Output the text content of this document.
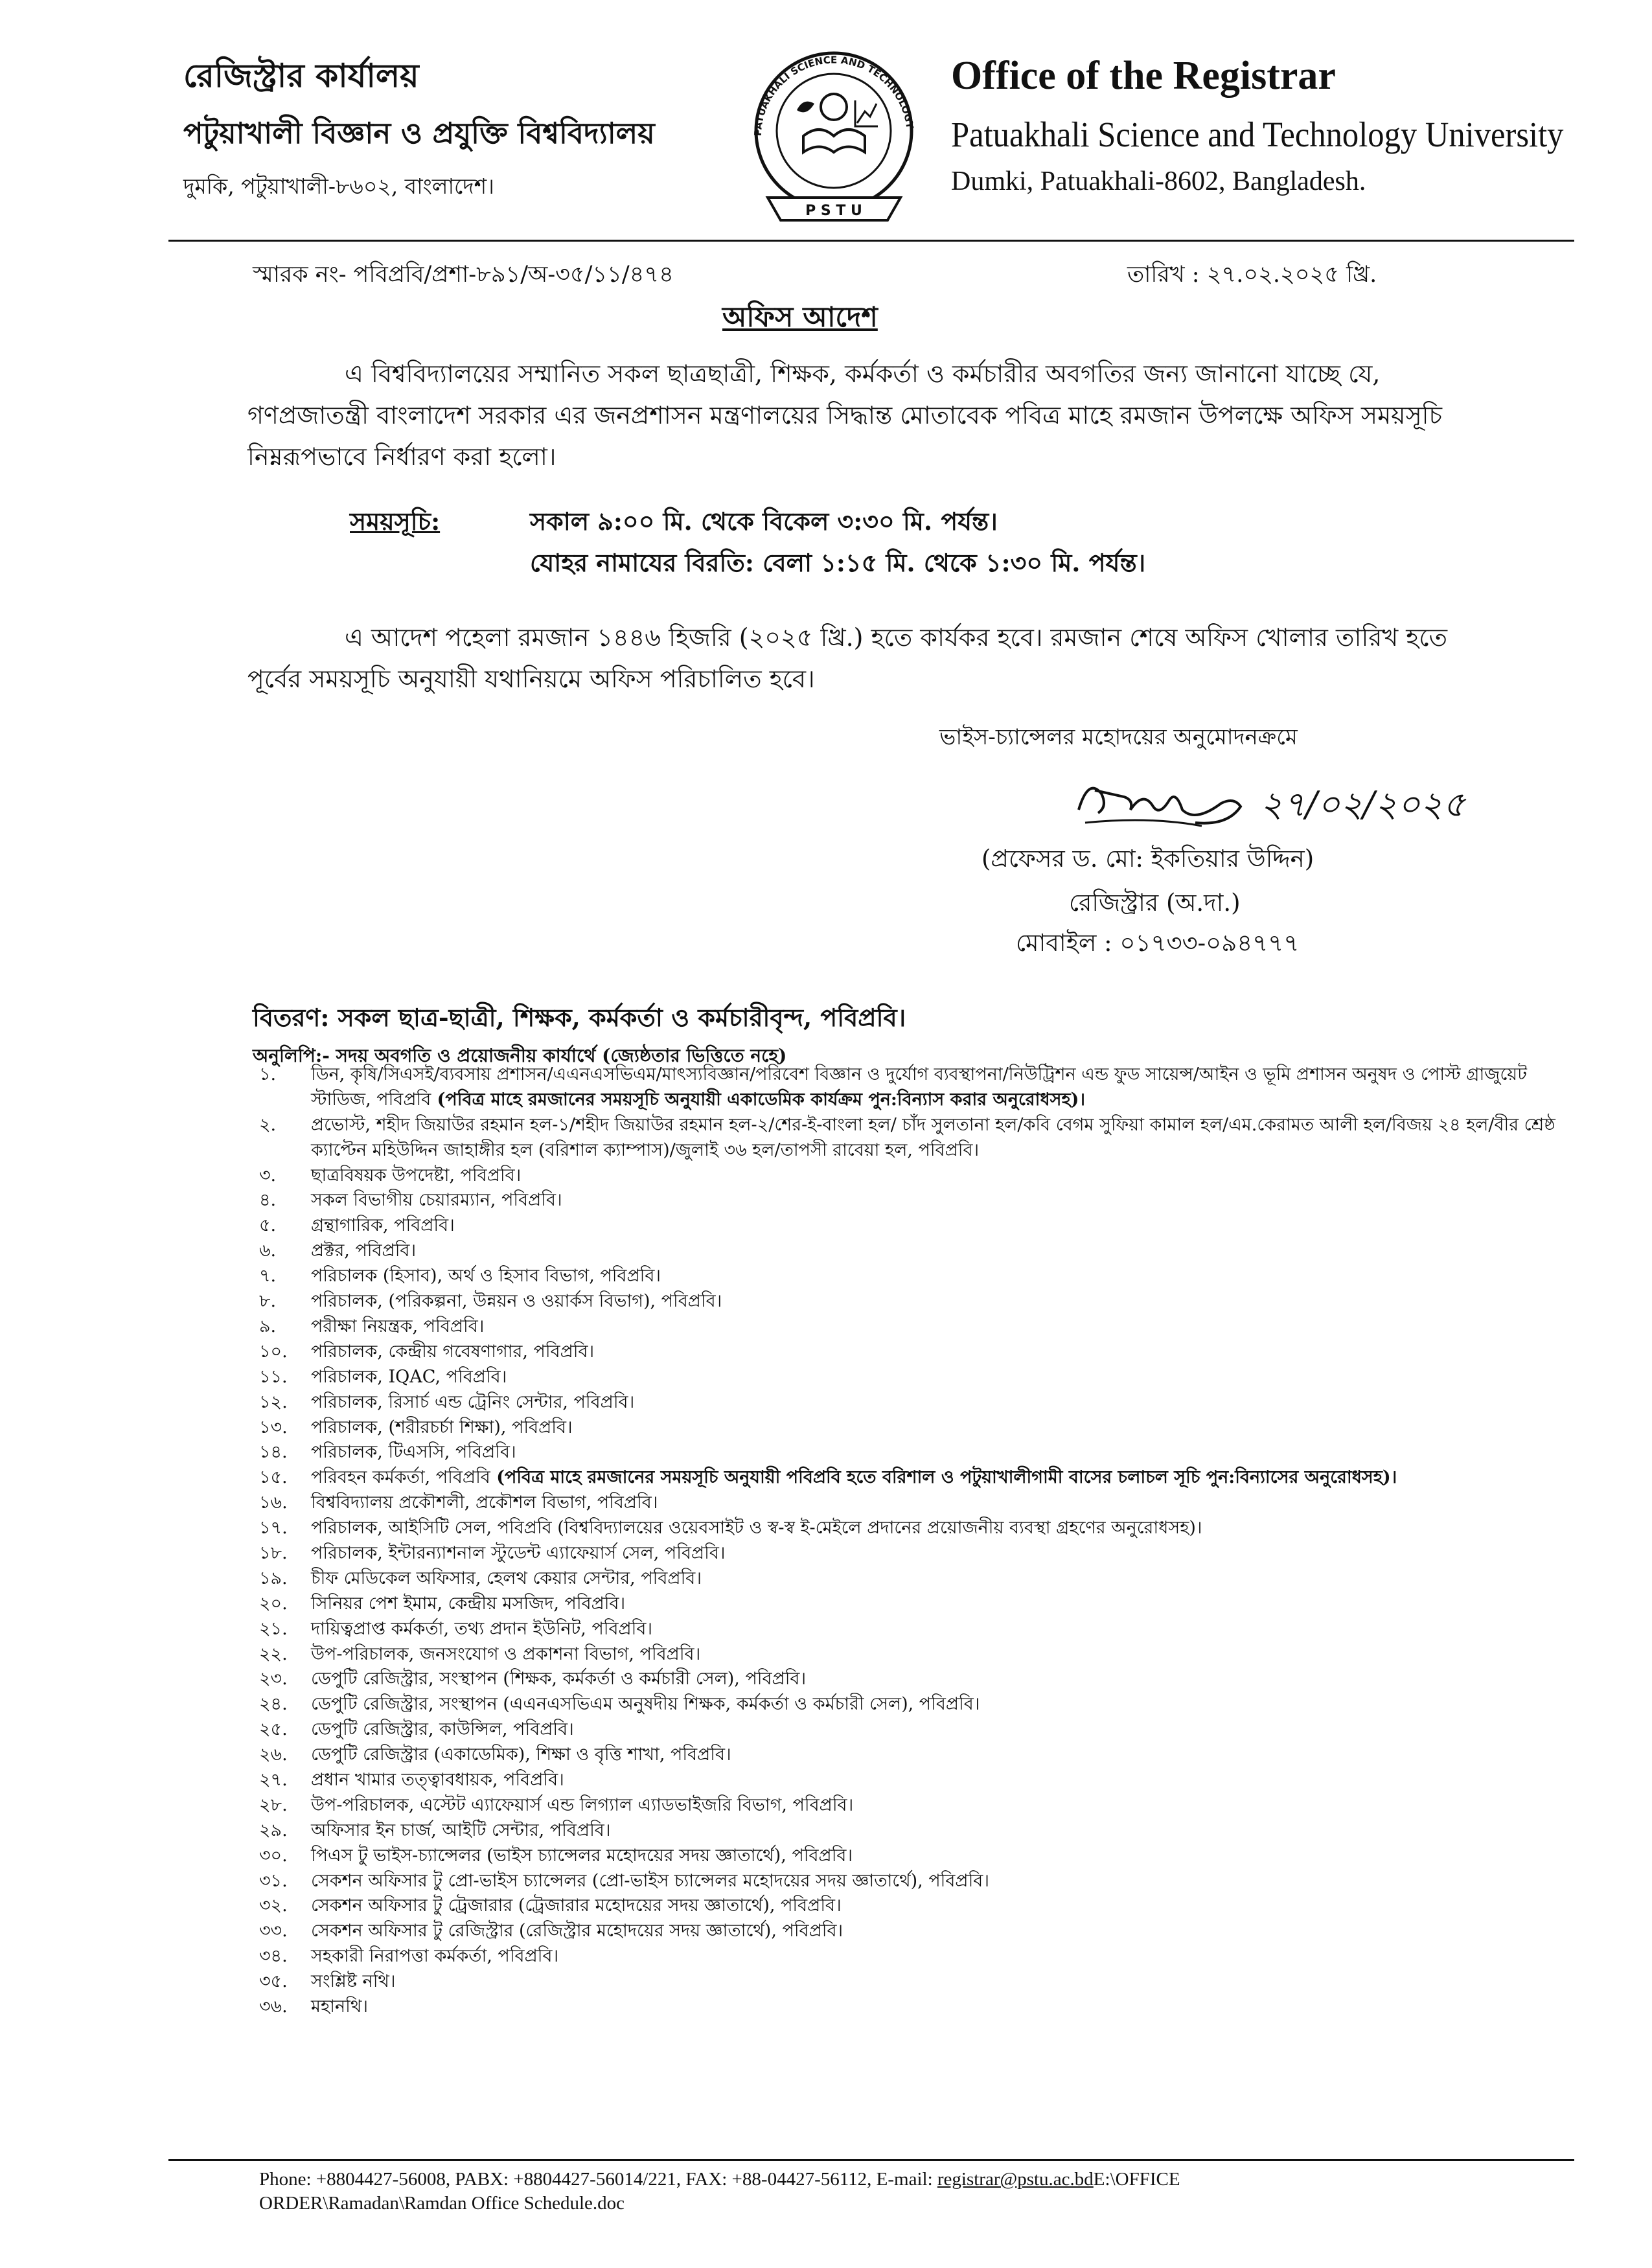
রেজিস্ট্রার কার্যালয়
পটুয়াখালী বিজ্ঞান ও প্রযুক্তি বিশ্ববিদ্যালয়
দুমকি, পটুয়াখালী-৮৬০২, বাংলাদেশ।
PATUAKHALI SCIENCE AND TECHNOLOGY
P S T U
Office of the Registrar
Patuakhali Science and Technology University
Dumki, Patuakhali-8602, Bangladesh.
স্মারক নং- পবিপ্রবি/প্রশা-৮৯১/অ-৩৫/১১/৪৭৪	তারিখ : ২৭.০২.২০২৫ খ্রি.
অফিস আদেশ
এ বিশ্ববিদ্যালয়ের সম্মানিত সকল ছাত্রছাত্রী, শিক্ষক, কর্মকর্তা ও কর্মচারীর অবগতির জন্য জানানো যাচ্ছে যে, গণপ্রজাতন্ত্রী বাংলাদেশ সরকার এর জনপ্রশাসন মন্ত্রণালয়ের সিদ্ধান্ত মোতাবেক পবিত্র মাহে রমজান উপলক্ষে অফিস সময়সূচি নিম্নরূপভাবে নির্ধারণ করা হলো।
সময়সূচি:	সকাল ৯:০০ মি. থেকে বিকেল ৩:৩০ মি. পর্যন্ত।
যোহর নামাযের বিরতি: বেলা ১:১৫ মি. থেকে ১:৩০ মি. পর্যন্ত।
এ আদেশ পহেলা রমজান ১৪৪৬ হিজরি (২০২৫ খ্রি.) হতে কার্যকর হবে। রমজান শেষে অফিস খোলার তারিখ হতে পূর্বের সময়সূচি অনুযায়ী যথানিয়মে অফিস পরিচালিত হবে।
ভাইস-চ্যান্সেলর মহোদয়ের অনুমোদনক্রমে
২৭/০২/২০২৫
(প্রফেসর ড. মো: ইকতিয়ার উদ্দিন)
রেজিস্ট্রার (অ.দা.)
মোবাইল : ০১৭৩৩-০৯৪৭৭৭
বিতরণ: সকল ছাত্র-ছাত্রী, শিক্ষক, কর্মকর্তা ও কর্মচারীবৃন্দ, পবিপ্রবি।
অনুলিপি:- সদয় অবগতি ও প্রয়োজনীয় কার্যার্থে (জ্যেষ্ঠতার ভিত্তিতে নহে)
১.	ডিন, কৃষি/সিএসই/ব্যবসায় প্রশাসন/এএনএসভিএম/মাৎস্যবিজ্ঞান/পরিবেশ বিজ্ঞান ও দুর্যোগ ব্যবস্থাপনা/নিউট্রিশন এন্ড ফুড সায়েন্স/আইন ও ভূমি প্রশাসন অনুষদ ও পোস্ট গ্রাজুয়েট স্টাডিজ, পবিপ্রবি (পবিত্র মাহে রমজানের সময়সূচি অনুযায়ী একাডেমিক কার্যক্রম পুন:বিন্যাস করার অনুরোধসহ)।
২.	প্রভোস্ট, শহীদ জিয়াউর রহমান হল-১/শহীদ জিয়াউর রহমান হল-২/শের-ই-বাংলা হল/ চাঁদ সুলতানা হল/কবি বেগম সুফিয়া কামাল হল/এম.কেরামত আলী হল/বিজয় ২৪ হল/বীর শ্রেষ্ঠ ক্যাপ্টেন মহিউদ্দিন জাহাঙ্গীর হল (বরিশাল ক্যাম্পাস)/জুলাই ৩৬ হল/তাপসী রাবেয়া হল, পবিপ্রবি।
৩.	ছাত্রবিষয়ক উপদেষ্টা, পবিপ্রবি।
৪.	সকল বিভাগীয় চেয়ারম্যান, পবিপ্রবি।
৫.	গ্রন্থাগারিক, পবিপ্রবি।
৬.	প্রক্টর, পবিপ্রবি।
৭.	পরিচালক (হিসাব), অর্থ ও হিসাব বিভাগ, পবিপ্রবি।
৮.	পরিচালক, (পরিকল্পনা, উন্নয়ন ও ওয়ার্কস বিভাগ), পবিপ্রবি।
৯.	পরীক্ষা নিয়ন্ত্রক, পবিপ্রবি।
১০.	পরিচালক, কেন্দ্রীয় গবেষণাগার, পবিপ্রবি।
১১.	পরিচালক, IQAC, পবিপ্রবি।
১২.	পরিচালক, রিসার্চ এন্ড ট্রেনিং সেন্টার, পবিপ্রবি।
১৩.	পরিচালক, (শরীরচর্চা শিক্ষা), পবিপ্রবি।
১৪.	পরিচালক, টিএসসি, পবিপ্রবি।
১৫.	পরিবহন কর্মকর্তা, পবিপ্রবি (পবিত্র মাহে রমজানের সময়সূচি অনুযায়ী পবিপ্রবি হতে বরিশাল ও পটুয়াখালীগামী বাসের চলাচল সূচি পুন:বিন্যাসের অনুরোধসহ)।
১৬.	বিশ্ববিদ্যালয় প্রকৌশলী, প্রকৌশল বিভাগ, পবিপ্রবি।
১৭.	পরিচালক, আইসিটি সেল, পবিপ্রবি (বিশ্ববিদ্যালয়ের ওয়েবসাইট ও স্ব-স্ব ই-মেইলে প্রদানের প্রয়োজনীয় ব্যবস্থা গ্রহণের অনুরোধসহ)।
১৮.	পরিচালক, ইন্টারন্যাশনাল স্টুডেন্ট এ্যাফেয়ার্স সেল, পবিপ্রবি।
১৯.	চীফ মেডিকেল অফিসার, হেলথ কেয়ার সেন্টার, পবিপ্রবি।
২০.	সিনিয়র পেশ ইমাম, কেন্দ্রীয় মসজিদ, পবিপ্রবি।
২১.	দায়িত্বপ্রাপ্ত কর্মকর্তা, তথ্য প্রদান ইউনিট, পবিপ্রবি।
২২.	উপ-পরিচালক, জনসংযোগ ও প্রকাশনা বিভাগ, পবিপ্রবি।
২৩.	ডেপুটি রেজিস্ট্রার, সংস্থাপন (শিক্ষক, কর্মকর্তা ও কর্মচারী সেল), পবিপ্রবি।
২৪.	ডেপুটি রেজিস্ট্রার, সংস্থাপন (এএনএসভিএম অনুষদীয় শিক্ষক, কর্মকর্তা ও কর্মচারী সেল), পবিপ্রবি।
২৫.	ডেপুটি রেজিস্ট্রার, কাউন্সিল, পবিপ্রবি।
২৬.	ডেপুটি রেজিস্ট্রার (একাডেমিক), শিক্ষা ও বৃত্তি শাখা, পবিপ্রবি।
২৭.	প্রধান খামার তত্ত্বাবধায়ক, পবিপ্রবি।
২৮.	উপ-পরিচালক, এস্টেট এ্যাফেয়ার্স এন্ড লিগ্যাল এ্যাডভাইজরি বিভাগ, পবিপ্রবি।
২৯.	অফিসার ইন চার্জ, আইটি সেন্টার, পবিপ্রবি।
৩০.	পিএস টু ভাইস-চ্যান্সেলর (ভাইস চ্যান্সেলর মহোদয়ের সদয় জ্ঞাতার্থে), পবিপ্রবি।
৩১.	সেকশন অফিসার টু প্রো-ভাইস চ্যান্সেলর (প্রো-ভাইস চ্যান্সেলর মহোদয়ের সদয় জ্ঞাতার্থে), পবিপ্রবি।
৩২.	সেকশন অফিসার টু ট্রেজারার (ট্রেজারার মহোদয়ের সদয় জ্ঞাতার্থে), পবিপ্রবি।
৩৩.	সেকশন অফিসার টু রেজিস্ট্রার (রেজিস্ট্রার মহোদয়ের সদয় জ্ঞাতার্থে), পবিপ্রবি।
৩৪.	সহকারী নিরাপত্তা কর্মকর্তা, পবিপ্রবি।
৩৫.	সংশ্লিষ্ট নথি।
৩৬.	মহানথি।
Phone: +8804427-56008, PABX: +8804427-56014/221, FAX: +88-04427-56112, E-mail: registrar@pstu.ac.bdE:\OFFICE
ORDER\Ramadan\Ramdan Office Schedule.doc
